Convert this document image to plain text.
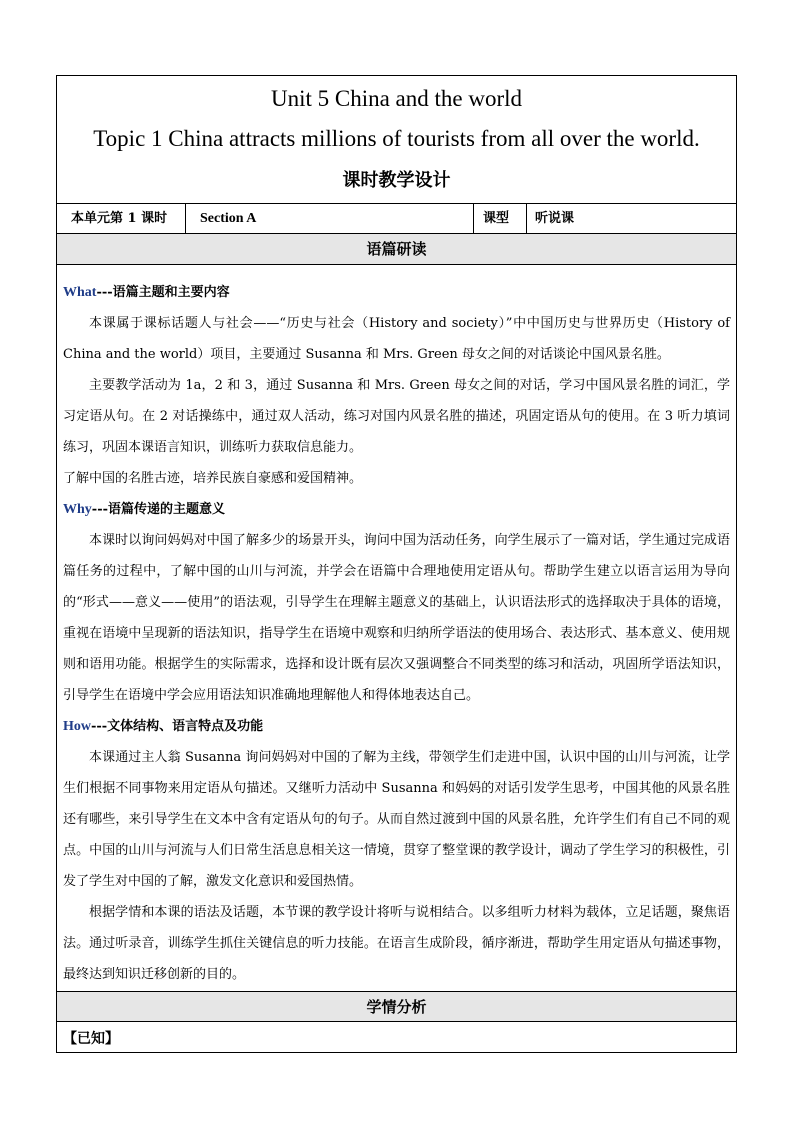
Unit 5 China and the world
Topic 1 China attracts millions of tourists from all over the world.
课时教学设计
本单元第 1 课时	Section A	课型	听说课
语篇研读

What---语篇主题和主要内容

本课属于课标话题人与社会——“历史与社会（History and society）”中中国历史与世界历史（History of China and the world）项目，主要通过 Susanna 和 Mrs. Green 母女之间的对话谈论中国风景名胜。

主要教学活动为 1a，2 和 3，通过 Susanna 和 Mrs. Green 母女之间的对话，学习中国风景名胜的词汇，学习定语从句。在 2 对话操练中，通过双人活动，练习对国内风景名胜的描述，巩固定语从句的使用。在 3 听力填词练习，巩固本课语言知识，训练听力获取信息能力。

了解中国的名胜古迹，培养民族自豪感和爱国精神。

Why---语篇传递的主题意义

本课时以询问妈妈对中国了解多少的场景开头，询问中国为活动任务，向学生展示了一篇对话，学生通过完成语篇任务的过程中，了解中国的山川与河流，并学会在语篇中合理地使用定语从句。帮助学生建立以语言运用为导向的“形式——意义——使用”的语法观，引导学生在理解主题意义的基础上，认识语法形式的选择取决于具体的语境，重视在语境中呈现新的语法知识，指导学生在语境中观察和归纳所学语法的使用场合、表达形式、基本意义、使用规则和语用功能。根据学生的实际需求，选择和设计既有层次又强调整合不同类型的练习和活动，巩固所学语法知识，引导学生在语境中学会应用语法知识准确地理解他人和得体地表达自己。

How---文体结构、语言特点及功能

本课通过主人翁 Susanna 询问妈妈对中国的了解为主线，带领学生们走进中国，认识中国的山川与河流，让学生们根据不同事物来用定语从句描述。又继听力活动中 Susanna 和妈妈的对话引发学生思考，中国其他的风景名胜还有哪些，来引导学生在文本中含有定语从句的句子。从而自然过渡到中国的风景名胜，允许学生们有自己不同的观点。中国的山川与河流与人们日常生活息息相关这一情境，贯穿了整堂课的教学设计，调动了学生学习的积极性，引发了学生对中国的了解，激发文化意识和爱国热情。

根据学情和本课的语法及话题，本节课的教学设计将听与说相结合。以多组听力材料为载体，立足话题，聚焦语法。通过听录音，训练学生抓住关键信息的听力技能。在语言生成阶段，循序渐进，帮助学生用定语从句描述事物，最终达到知识迁移创新的目的。

学情分析
【已知】
